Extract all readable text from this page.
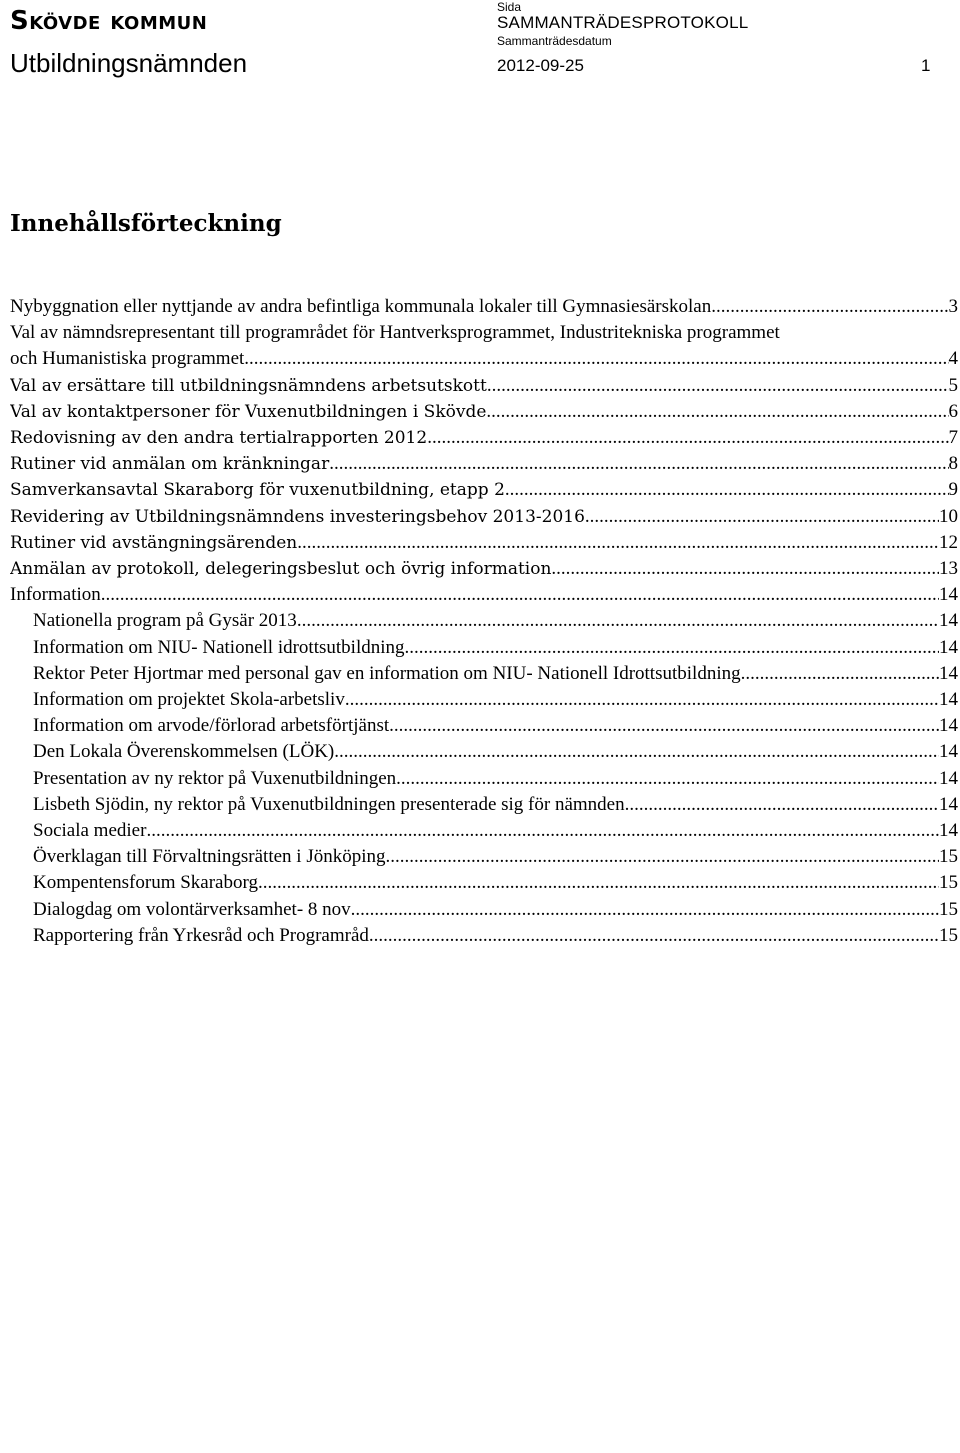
Skövde kommun
Utbildningsnämnden
Sida
SAMMANTRÄDESPROTOKOLL
Sammanträdesdatum
2012-09-25	1
Innehållsförteckning
Nybyggnation eller nyttjande av andra befintliga kommunala lokaler till Gymnasiesärskolan. .....	3
Val av nämndsrepresentant till programrådet för Hantverksprogrammet, Industritekniska programmet
och Humanistiska programmet. .....	4
Val av ersättare till utbildningsnämndens arbetsutskott .....	5
Val av kontaktpersoner för Vuxenutbildningen i Skövde .....	6
Redovisning av den andra tertialrapporten 2012 .....	7
Rutiner vid anmälan om kränkningar .....	8
Samverkansavtal Skaraborg för vuxenutbildning, etapp 2 .....	9
Revidering av Utbildningsnämndens investeringsbehov 2013-2016 .....	10
Rutiner vid avstängningsärenden .....	12
Anmälan av protokoll, delegeringsbeslut och övrig information .....	13
Information .....	14
Nationella program på Gysär 2013 .....	14
Information om NIU- Nationell idrottsutbildning .....	14
Rektor Peter Hjortmar med personal gav en information om NIU- Nationell Idrottsutbildning. .....	14
Information om projektet Skola-arbetsliv .....	14
Information om arvode/förlorad arbetsförtjänst. .....	14
Den Lokala Överenskommelsen (LÖK) .....	14
Presentation av ny rektor på Vuxenutbildningen .....	14
Lisbeth Sjödin, ny rektor på Vuxenutbildningen presenterade sig för nämnden. .....	14
Sociala medier .....	14
Överklagan till Förvaltningsrätten i Jönköping .....	15
Kompentensforum Skaraborg .....	15
Dialogdag om volontärverksamhet- 8 nov .....	15
Rapportering från Yrkesråd och Programråd .....	15
